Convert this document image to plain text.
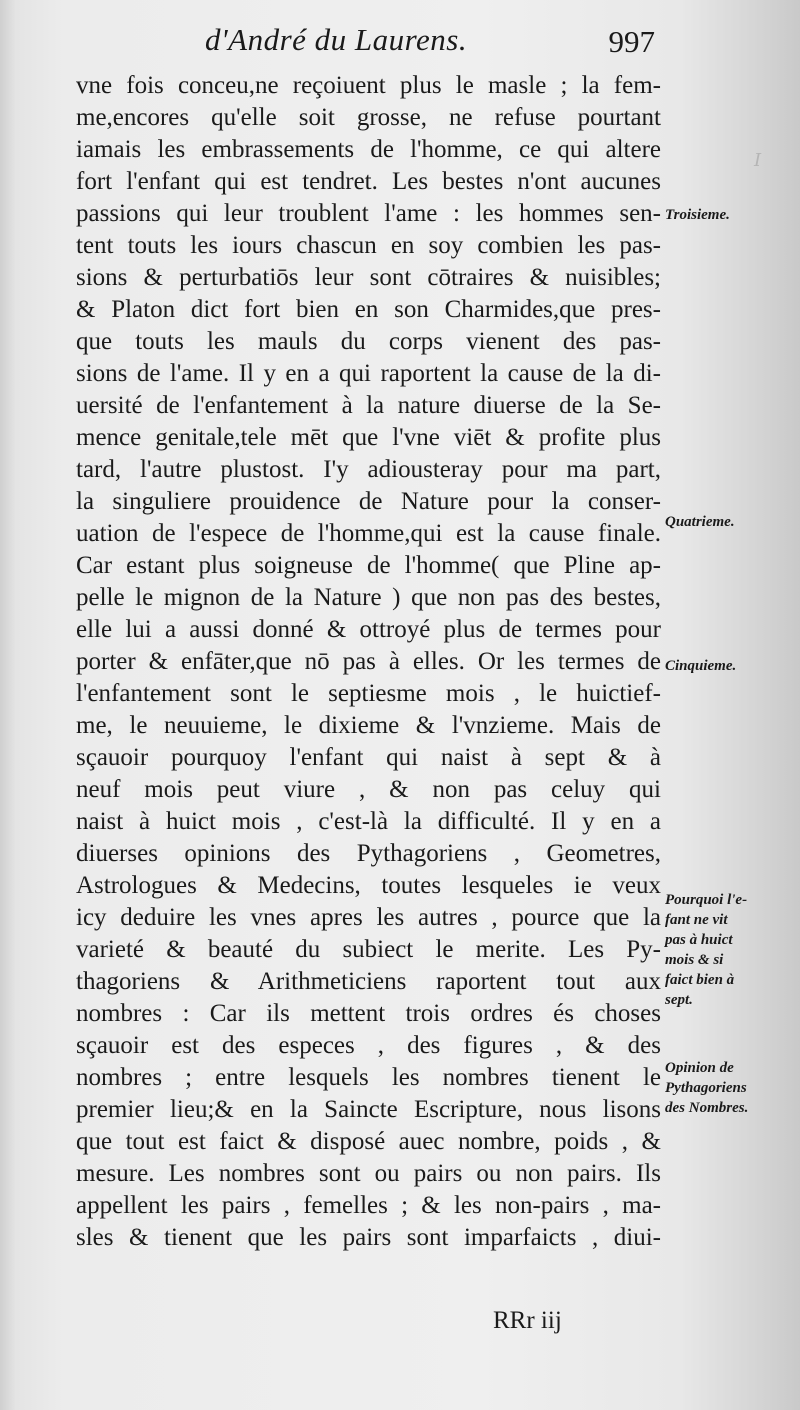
I
d'André du Laurens.	997
vne fois conceu,ne reçoiuent plus le masle ; la fem-
me,encores qu'elle soit grosse, ne refuse pourtant
iamais les embrassements de l'homme, ce qui altere
fort l'enfant qui est tendret. Les bestes n'ont aucunes
passions qui leur troublent l'ame : les hommes sen-
tent touts les iours chascun en soy combien les pas-
sions & perturbatiōs leur sont cōtraires & nuisibles;
& Platon dict fort bien en son Charmides,que pres-
que touts les mauls du corps vienent des pas-
sions de l'ame. Il y en a qui raportent la cause de la di-
uersité de l'enfantement à la nature diuerse de la Se-
mence genitale,tele mēt que l'vne viēt & profite plus
tard, l'autre plustost. I'y adiousteray pour ma part,
la singuliere prouidence de Nature pour la conser-
uation de l'espece de l'homme,qui est la cause finale.
Car estant plus soigneuse de l'homme( que Pline ap-
pelle le mignon de la Nature ) que non pas des bestes,
elle lui a aussi donné & ottroyé plus de termes pour
porter & enfāter,que nō pas à elles. Or les termes de
l'enfantement sont le septiesme mois , le huictief-
me, le neuuieme, le dixieme & l'vnzieme. Mais de
sçauoir pourquoy l'enfant qui naist à sept & à
neuf mois peut viure , & non pas celuy qui
naist à huict mois , c'est-là la difficulté. Il y en a
diuerses opinions des Pythagoriens , Geometres,
Astrologues & Medecins, toutes lesqueles ie veux
icy deduire les vnes apres les autres , pource que la
varieté & beauté du subiect le merite. Les Py-
thagoriens & Arithmeticiens raportent tout aux
nombres : Car ils mettent trois ordres és choses
sçauoir est des especes , des figures , & des
nombres ; entre lesquels les nombres tienent le
premier lieu;& en la Saincte Escripture, nous lisons
que tout est faict & disposé auec nombre, poids , &
mesure. Les nombres sont ou pairs ou non pairs. Ils
appellent les pairs , femelles ; & les non-pairs , ma-
sles & tienent que les pairs sont imparfaicts , diui-
Troisieme.
Quatrieme.
Cinquieme.
Pourquoi l'e-
fant ne vit
pas à huict
mois & si
faict bien à
sept.
Opinion de
Pythagoriens
des Nombres.
RRr iij
